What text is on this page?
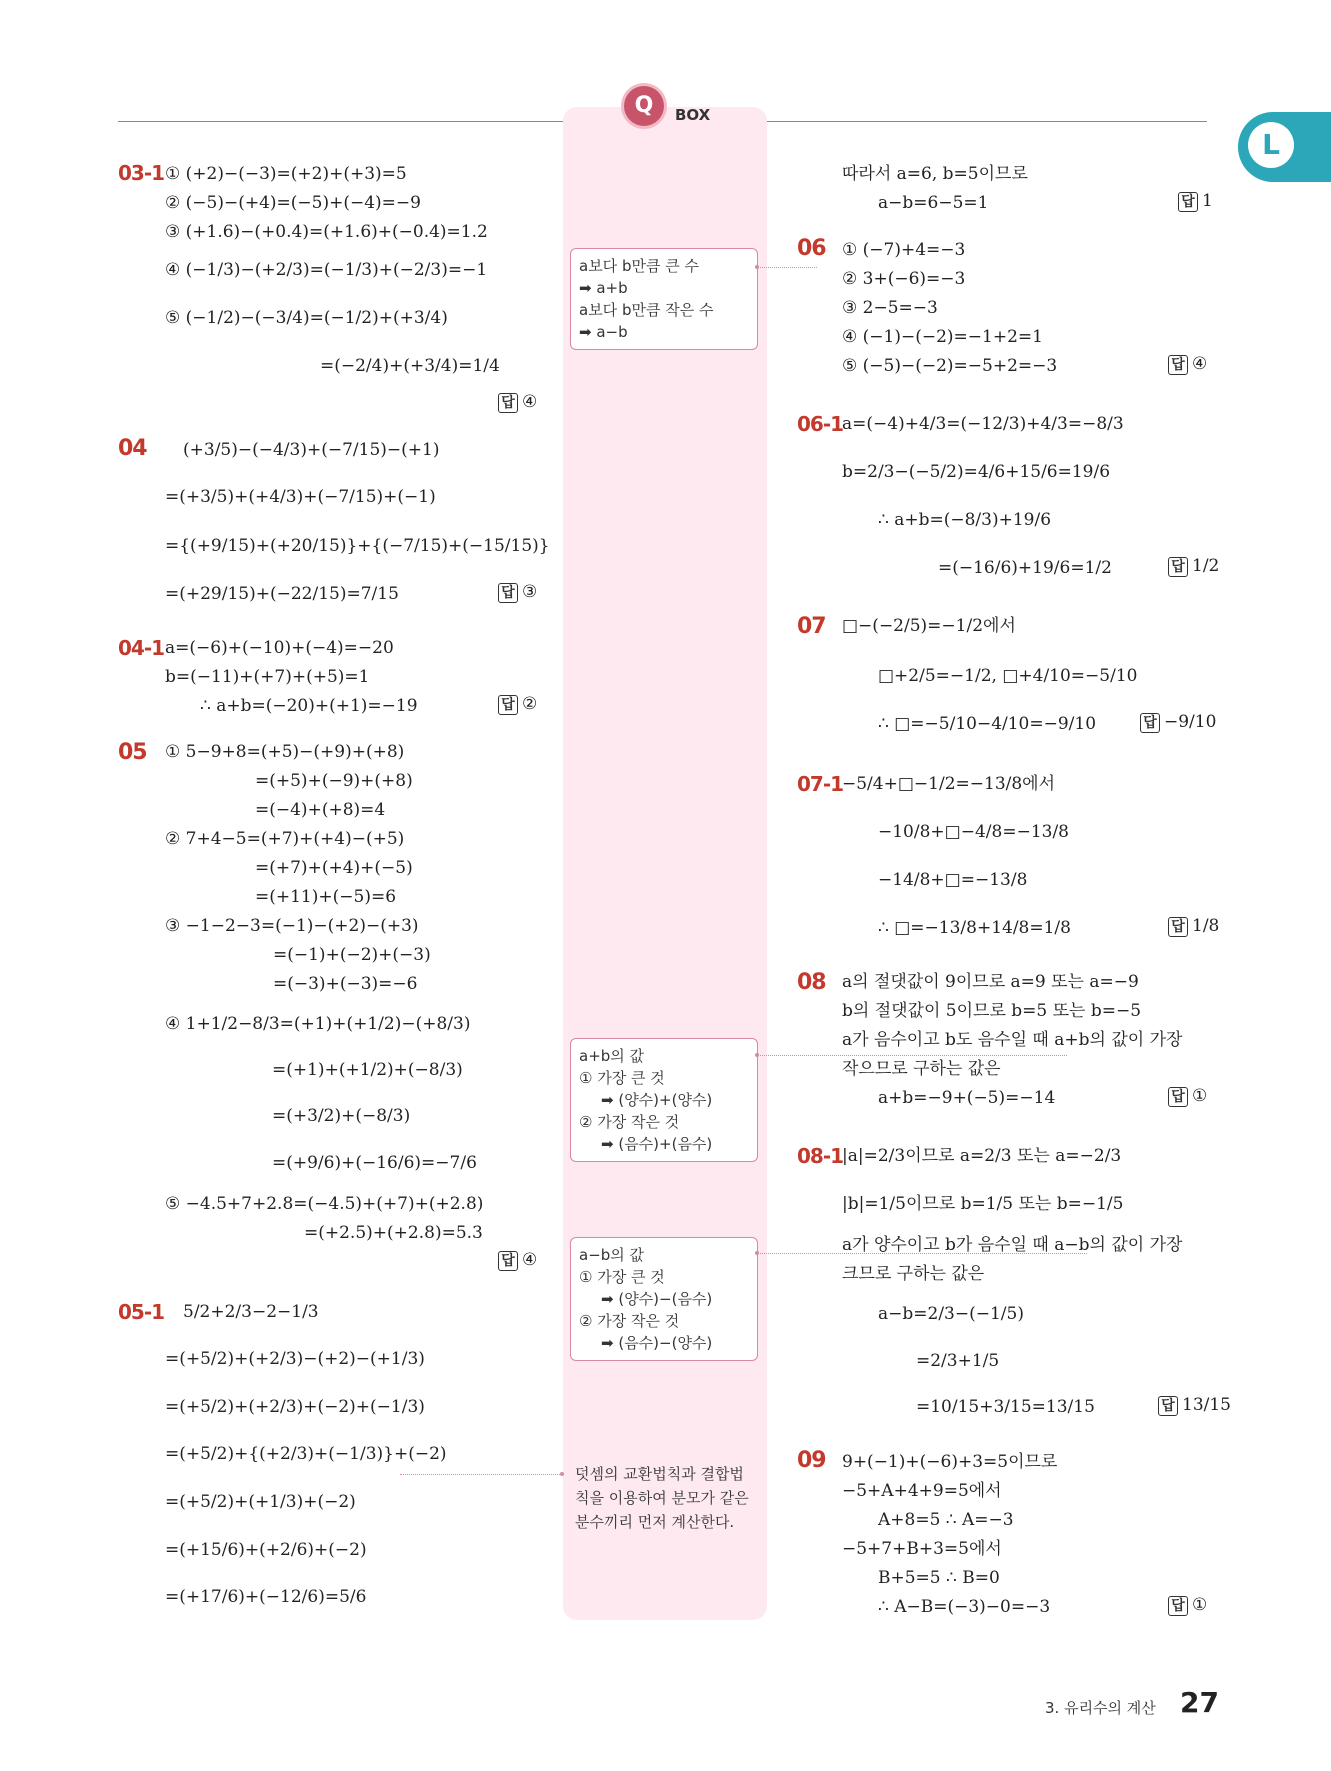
Q	BOX
L
a보다 b만큼 큰 수
➡ a+b
a보다 b만큼 작은 수
➡ a−b
a+b의 값
① 가장 큰 것
➡ (양수)+(양수)
② 가장 작은 것
➡ (음수)+(음수)
a−b의 값
① 가장 큰 것
➡ (양수)−(음수)
② 가장 작은 것
➡ (음수)−(양수)
덧셈의 교환법칙과 결합법
칙을 이용하여 분모가 같은
분수끼리 먼저 계산한다.
03-1 ① (+2)−(−3)=(+2)+(+3)=5
② (−5)−(+4)=(−5)+(−4)=−9
③ (+1.6)−(+0.4)=(+1.6)+(−0.4)=1.2
④ (−1/3)−(+2/3)=(−1/3)+(−2/3)=−1
⑤ (−1/2)−(−3/4)=(−1/2)+(+3/4)
=(−2/4)+(+3/4)=1/4
답 ④
04 (+3/5)−(−4/3)+(−7/15)−(+1)
=(+3/5)+(+4/3)+(−7/15)+(−1)
={(+9/15)+(+20/15)}+{(−7/15)+(−15/15)}
=(+29/15)+(−22/15)=7/15	답 ③
04-1 a=(−6)+(−10)+(−4)=−20
b=(−11)+(+7)+(+5)=1
∴ a+b=(−20)+(+1)=−19	답 ②
05 ① 5−9+8=(+5)−(+9)+(+8)
=(+5)+(−9)+(+8)
=(−4)+(+8)=4
② 7+4−5=(+7)+(+4)−(+5)
=(+7)+(+4)+(−5)
=(+11)+(−5)=6
③ −1−2−3=(−1)−(+2)−(+3)
=(−1)+(−2)+(−3)
=(−3)+(−3)=−6
④ 1+1/2−8/3=(+1)+(+1/2)−(+8/3)
=(+1)+(+1/2)+(−8/3)
=(+3/2)+(−8/3)
=(+9/6)+(−16/6)=−7/6
⑤ −4.5+7+2.8=(−4.5)+(+7)+(+2.8)
=(+2.5)+(+2.8)=5.3
답 ④
05-1 5/2+2/3−2−1/3
=(+5/2)+(+2/3)−(+2)−(+1/3)
=(+5/2)+(+2/3)+(−2)+(−1/3)
=(+5/2)+{(+2/3)+(−1/3)}+(−2)
=(+5/2)+(+1/3)+(−2)
=(+15/6)+(+2/6)+(−2)
=(+17/6)+(−12/6)=5/6
따라서 a=6, b=5이므로
a−b=6−5=1	답 1
06 ① (−7)+4=−3
② 3+(−6)=−3
③ 2−5=−3
④ (−1)−(−2)=−1+2=1
⑤ (−5)−(−2)=−5+2=−3	답 ④
06-1
a=(−4)+4/3=(−12/3)+4/3=−8/3
b=2/3−(−5/2)=4/6+15/6=19/6
∴ a+b=(−8/3)+19/6
=(−16/6)+19/6=1/2	답 1/2
07 □−(−2/5)=−1/2에서
□+2/5=−1/2, □+4/10=−5/10
∴ □=−5/10−4/10=−9/10	답 −9/10
07-1
−5/4+□−1/2=−13/8에서
−10/8+□−4/8=−13/8
−14/8+□=−13/8
∴ □=−13/8+14/8=1/8	답 1/8
08 a의 절댓값이 9이므로 a=9 또는 a=−9
b의 절댓값이 5이므로 b=5 또는 b=−5
a가 음수이고 b도 음수일 때 a+b의 값이 가장
작으므로 구하는 값은
a+b=−9+(−5)=−14	답 ①
08-1
|a|=2/3이므로 a=2/3 또는 a=−2/3
|b|=1/5이므로 b=1/5 또는 b=−1/5
a가 양수이고 b가 음수일 때 a−b의 값이 가장
크므로 구하는 값은
a−b=2/3−(−1/5)
=2/3+1/5
=10/15+3/15=13/15	답 13/15
09 9+(−1)+(−6)+3=5이므로
−5+A+4+9=5에서
A+8=5 ∴ A=−3
−5+7+B+3=5에서
B+5=5 ∴ B=0
∴ A−B=(−3)−0=−3	답 ①
3. 유리수의 계산 27
